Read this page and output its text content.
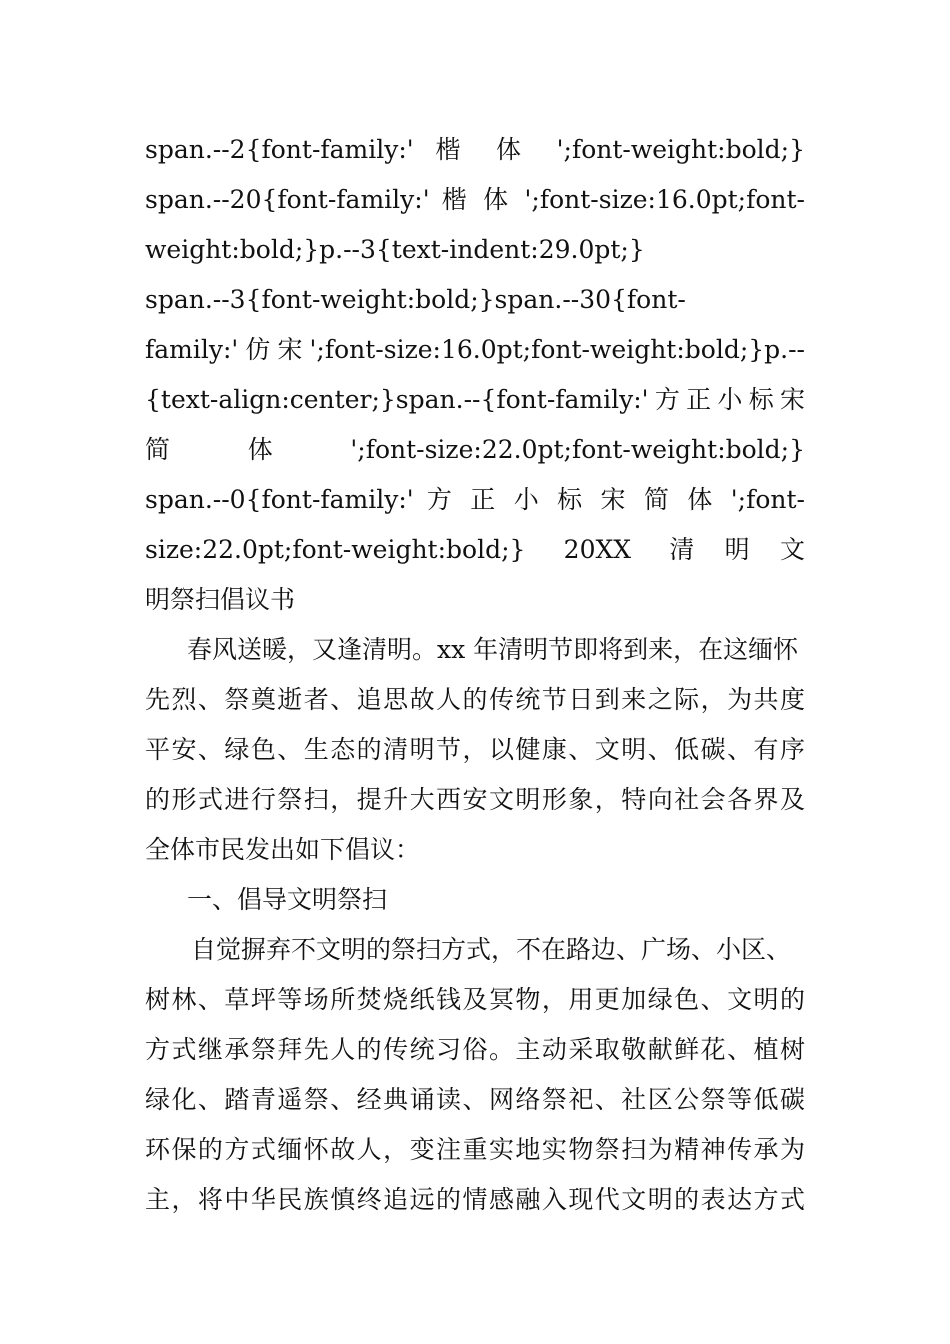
span.--2{font-family:' 楷 体 ';font-weight:bold;}
span.--20{font-family:' 楷 体 ';font-size:16.0pt;font-
weight:bold;}p.--3{text-indent:29.0pt;}
span.--3{font-weight:bold;}span.--30{font-
family:'仿宋';font-size:16.0pt;font-weight:bold;}p.--
{text-align:center;}span.--{font-family:'方正小标宋
简 体 ';font-size:22.0pt;font-weight:bold;}
span.--0{font-family:' 方 正 小 标 宋 简 体 ';font-
size:22.0pt;font-weight:bold;} 20XX 清明文
明祭扫倡议书
春风送暖，又逢清明。xx 年清明节即将到来，在这缅怀
先烈、祭奠逝者、追思故人的传统节日到来之际，为共度
平安、绿色、生态的清明节，以健康、文明、低碳、有序
的形式进行祭扫，提升大西安文明形象，特向社会各界及
全体市民发出如下倡议：
一、倡导文明祭扫
自觉摒弃不文明的祭扫方式，不在路边、广场、小区、
树林、草坪等场所焚烧纸钱及冥物，用更加绿色、文明的
方式继承祭拜先人的传统习俗。主动采取敬献鲜花、植树
绿化、踏青遥祭、经典诵读、网络祭祀、社区公祭等低碳
环保的方式缅怀故人，变注重实地实物祭扫为精神传承为
主，将中华民族慎终追远的情感融入现代文明的表达方式
